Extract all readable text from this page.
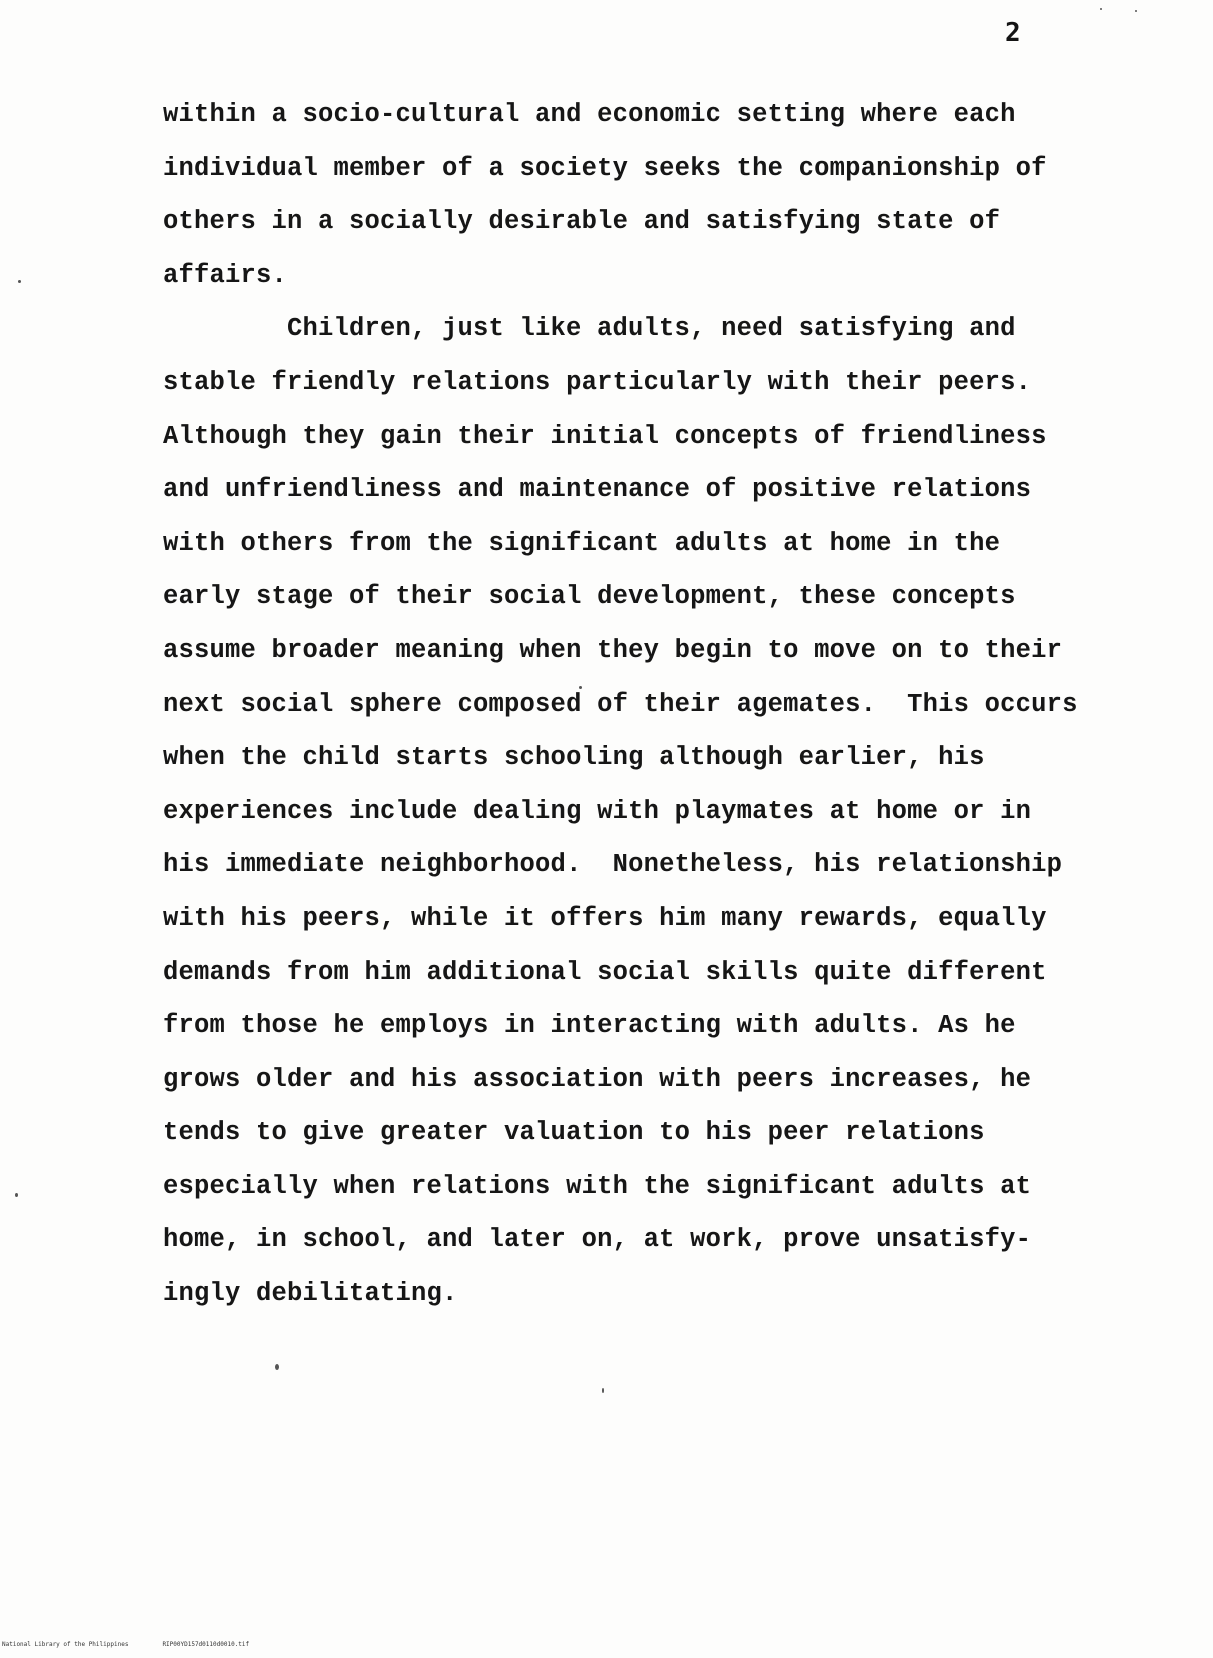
2
within a socio-cultural and economic setting where each
individual member of a society seeks the companionship of
others in a socially desirable and satisfying state of
affairs.
Children, just like adults, need satisfying and
stable friendly relations particularly with their peers.
Although they gain their initial concepts of friendliness
and unfriendliness and maintenance of positive relations
with others from the significant adults at home in the
early stage of their social development, these concepts
assume broader meaning when they begin to move on to their
next social sphere composed of their agemates.  This occurs
when the child starts schooling although earlier, his
experiences include dealing with playmates at home or in
his immediate neighborhood.  Nonetheless, his relationship
with his peers, while it offers him many rewards, equally
demands from him additional social skills quite different
from those he employs in interacting with adults. As he
grows older and his association with peers increases, he
tends to give greater valuation to his peer relations
especially when relations with the significant adults at
home, in school, and later on, at work, prove unsatisfy-
ingly debilitating.
National Library of the Philippines	RIP00YD157d0110d0010.tif
